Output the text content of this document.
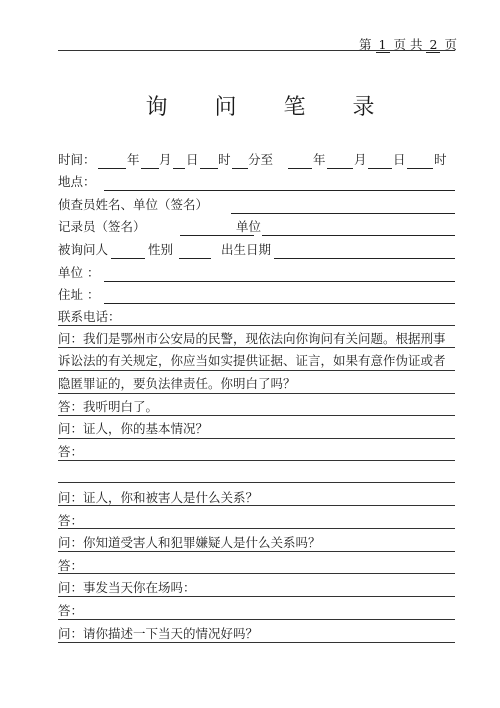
第 1 页 共 2 页
询 问 笔 录
时间：	年 月 日 时 分至	年 月 日 时
地点：
侦查员姓名、单位（签名）
记录员（签名）	单位
被询问人	性别	出生日期
单位 ：
住址 ：
联系电话：
问：我们是鄂州市公安局的民警，现依法向你询问有关问题。根据刑事
诉讼法的有关规定，你应当如实提供证据、证言，如果有意作伪证或者
隐匿罪证的，要负法律责任。你明白了吗？
答：我听明白了。
问：证人，你的基本情况？
答：
问：证人，你和被害人是什么关系？
答：
问：你知道受害人和犯罪嫌疑人是什么关系吗？
答：
问：事发当天你在场吗：
答：
问：请你描述一下当天的情况好吗？
